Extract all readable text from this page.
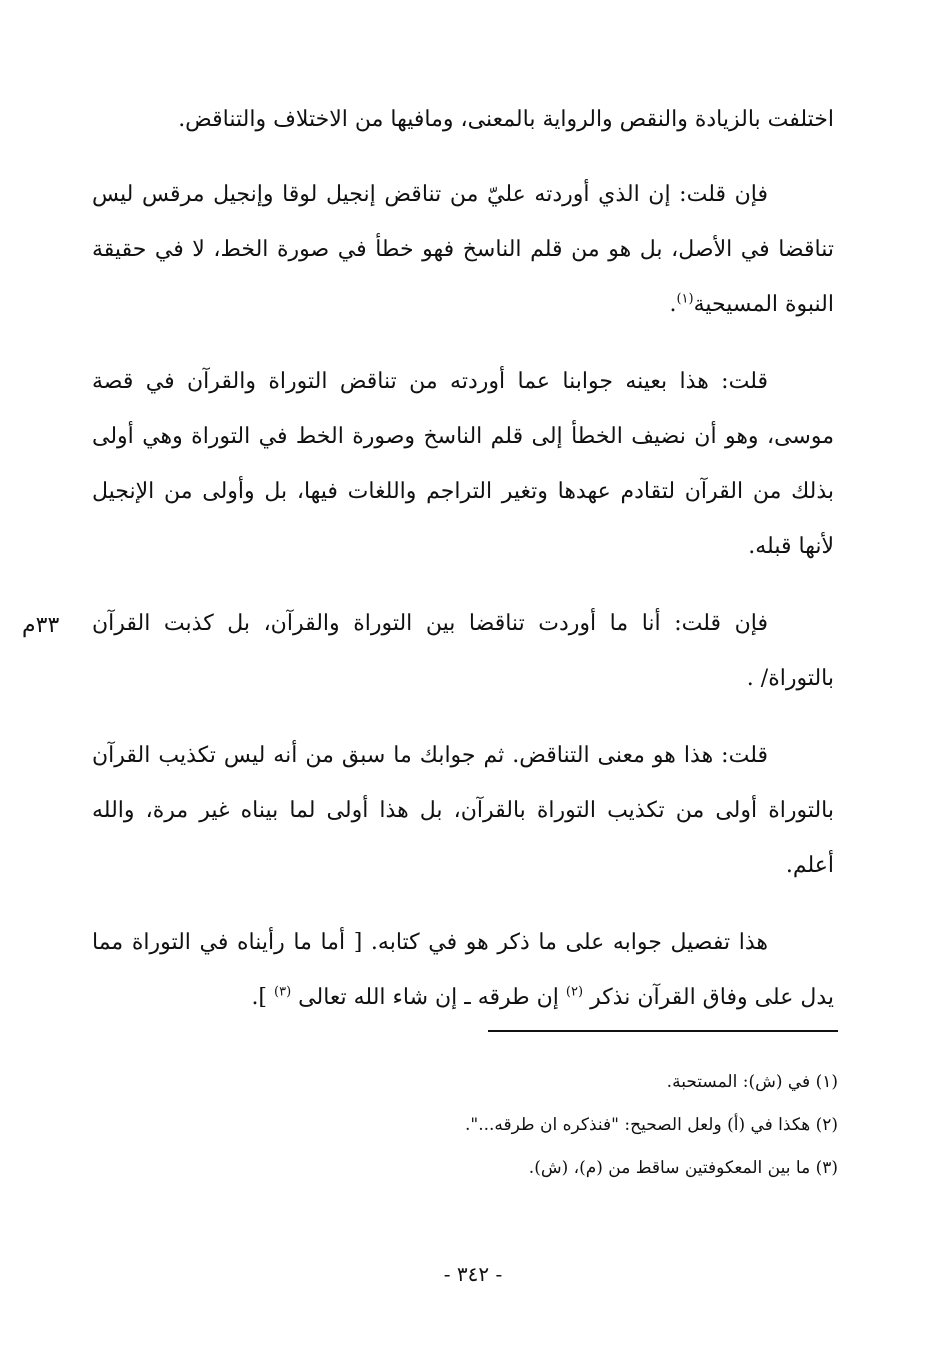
اختلفت بالزيادة والنقص والرواية بالمعنى، ومافيها من الاختلاف والتناقض.

فإن قلت: إن الذي أوردته عليّ من تناقض إنجيل لوقا وإنجيل مرقس ليس تناقضا في الأصل، بل هو من قلم الناسخ فهو خطأ في صورة الخط، لا في حقيقة النبوة المسيحية$^{(١)}$.

قلت: هذا بعينه جوابنا عما أوردته من تناقض التوراة والقرآن في قصة موسى، وهو أن نضيف الخطأ إلى قلم الناسخ وصورة الخط في التوراة وهي أولى بذلك من القرآن لتقادم عهدها وتغير التراجم واللغات فيها، بل وأولى من الإنجيل لأنها قبله.

فإن قلت: أنا ما أوردت تناقضا بين التوراة والقرآن، بل كذبت القرآن بالتوراة/ .

قلت: هذا هو معنى التناقض. ثم جوابك ما سبق من أنه ليس تكذيب القرآن بالتوراة أولى من تكذيب التوراة بالقرآن، بل هذا أولى لما بيناه غير مرة، والله أعلم.

هذا تفصيل جوابه على ما ذكر هو في كتابه. [ أما ما رأيناه في التوراة مما يدل على وفاق القرآن نذكر $^{(٢)}$ إن طرقه ـ إن شاء الله تعالى $^{(٣)}$ ].

٣٣م

(١) في (ش): المستحبة.

(٢) هكذا في (أ) ولعل الصحيح: "فنذكره ان طرقه...".

(٣) ما بين المعكوفتين ساقط من (م)، (ش).

- ٣٤٢ -
